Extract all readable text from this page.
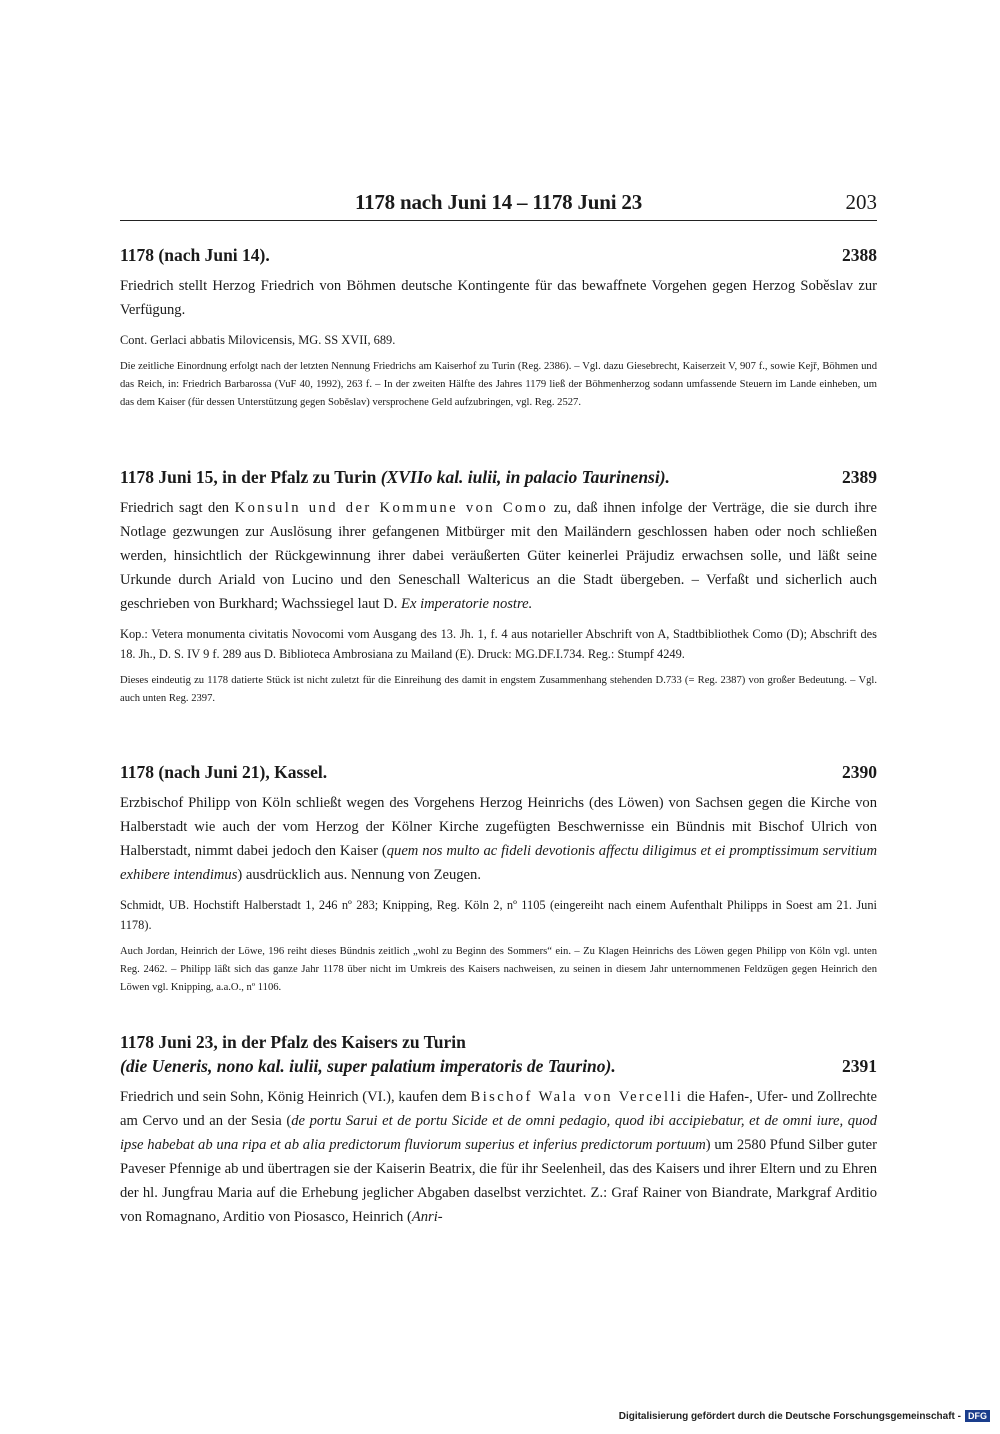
1178 nach Juni 14 – 1178 Juni 23	203
1178 (nach Juni 14).	2388
Friedrich stellt Herzog Friedrich von Böhmen deutsche Kontingente für das bewaffnete Vorgehen gegen Herzog Soběslav zur Verfügung.
Cont. Gerlaci abbatis Milovicensis, MG. SS XVII, 689.
Die zeitliche Einordnung erfolgt nach der letzten Nennung Friedrichs am Kaiserhof zu Turin (Reg. 2386). – Vgl. dazu Giesebrecht, Kaiserzeit V, 907 f., sowie Kejř, Böhmen und das Reich, in: Friedrich Barbarossa (VuF 40, 1992), 263 f. – In der zweiten Hälfte des Jahres 1179 ließ der Böhmenherzog sodann umfassende Steuern im Lande einheben, um das dem Kaiser (für dessen Unterstützung gegen Soběslav) versprochene Geld aufzubringen, vgl. Reg. 2527.
1178 Juni 15, in der Pfalz zu Turin (XVIIo kal. iulii, in palacio Taurinensi).	2389
Friedrich sagt den Konsuln und der Kommune von Como zu, daß ihnen infolge der Verträge, die sie durch ihre Notlage gezwungen zur Auslösung ihrer gefangenen Mitbürger mit den Mailändern geschlossen haben oder noch schließen werden, hinsichtlich der Rückgewinnung ihrer dabei veräußerten Güter keinerlei Präjudiz erwachsen solle, und läßt seine Urkunde durch Ariald von Lucino und den Seneschall Waltericus an die Stadt übergeben. – Verfaßt und sicherlich auch geschrieben von Burkhard; Wachssiegel laut D. Ex imperatorie nostre.
Kop.: Vetera monumenta civitatis Novocomi vom Ausgang des 13. Jh. 1, f. 4 aus notarieller Abschrift von A, Stadtbibliothek Como (D); Abschrift des 18. Jh., D. S. IV 9 f. 289 aus D. Biblioteca Ambrosiana zu Mailand (E). Druck: MG.DF.I.734. Reg.: Stumpf 4249.
Dieses eindeutig zu 1178 datierte Stück ist nicht zuletzt für die Einreihung des damit in engstem Zusammenhang stehenden D.733 (= Reg. 2387) von großer Bedeutung. – Vgl. auch unten Reg. 2397.
1178 (nach Juni 21), Kassel.	2390
Erzbischof Philipp von Köln schließt wegen des Vorgehens Herzog Heinrichs (des Löwen) von Sachsen gegen die Kirche von Halberstadt wie auch der vom Herzog der Kölner Kirche zugefügten Beschwernisse ein Bündnis mit Bischof Ulrich von Halberstadt, nimmt dabei jedoch den Kaiser (quem nos multo ac fideli devotionis affectu diligimus et ei promptissimum servitium exhibere intendimus) ausdrücklich aus. Nennung von Zeugen.
Schmidt, UB. Hochstift Halberstadt 1, 246 nº 283; Knipping, Reg. Köln 2, nº 1105 (eingereiht nach einem Aufenthalt Philipps in Soest am 21. Juni 1178).
Auch Jordan, Heinrich der Löwe, 196 reiht dieses Bündnis zeitlich „wohl zu Beginn des Sommers“ ein. – Zu Klagen Heinrichs des Löwen gegen Philipp von Köln vgl. unten Reg. 2462. – Philipp läßt sich das ganze Jahr 1178 über nicht im Umkreis des Kaisers nachweisen, zu seinen in diesem Jahr unternommenen Feldzügen gegen Heinrich den Löwen vgl. Knipping, a.a.O., nº 1106.
1178 Juni 23, in der Pfalz des Kaisers zu Turin
(die Ueneris, nono kal. iulii, super palatium imperatoris de Taurino).	2391
Friedrich und sein Sohn, König Heinrich (VI.), kaufen dem Bischof Wala von Vercelli die Hafen-, Ufer- und Zollrechte am Cervo und an der Sesia (de portu Sarui et de portu Sicide et de omni pedagio, quod ibi accipiebatur, et de omni iure, quod ipse habebat ab una ripa et ab alia predictorum fluviorum superius et inferius predictorum portuum) um 2580 Pfund Silber guter Paveser Pfennige ab und übertragen sie der Kaiserin Beatrix, die für ihr Seelenheil, das des Kaisers und ihrer Eltern und zu Ehren der hl. Jungfrau Maria auf die Erhebung jeglicher Abgaben daselbst verzichtet. Z.: Graf Rainer von Biandrate, Markgraf Arditio von Romagnano, Arditio von Piosasco, Heinrich (Anri-
Digitalisierung gefördert durch die Deutsche Forschungsgemeinschaft - DFG
